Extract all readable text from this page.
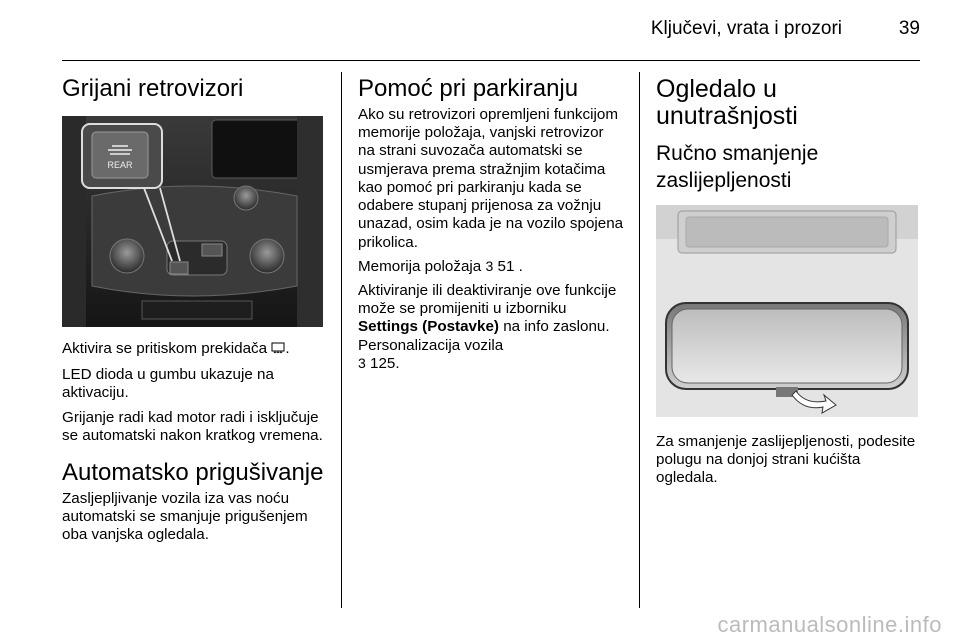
Ključevi, vrata i prozori	39
Grijani retrovizori
REAR

Aktivira se pritiskom prekidača .

LED dioda u gumbu ukazuje na aktivaciju.

Grijanje radi kad motor radi i isključuje se automatski nakon kratkog vremena.

Automatsko prigušivanje

Zasljepljivanje vozila iza vas noću automatski se smanjuje prigušenjem oba vanjska ogledala.

Pomoć pri parkiranju

Ako su retrovizori opremljeni funkcijom memorije položaja, vanjski retrovizor na strani suvozača automatski se usmjerava prema stražnjim kotačima kao pomoć pri parkiranju kada se odabere stupanj prijenosa za vožnju unazad, osim kada je na vozilo spojena prikolica.

Memorija položaja 3 51 .

Aktiviranje ili deaktiviranje ove funkcije može se promijeniti u izborniku Settings (Postavke) na info zaslonu. Personalizacija vozila
3 125.

Ogledalo u unutrašnjosti
Ručno smanjenje zaslijepljenosti

Za smanjenje zaslijepljenosti, podesite polugu na donjoj strani kućišta ogledala.

carmanualsonline.info
